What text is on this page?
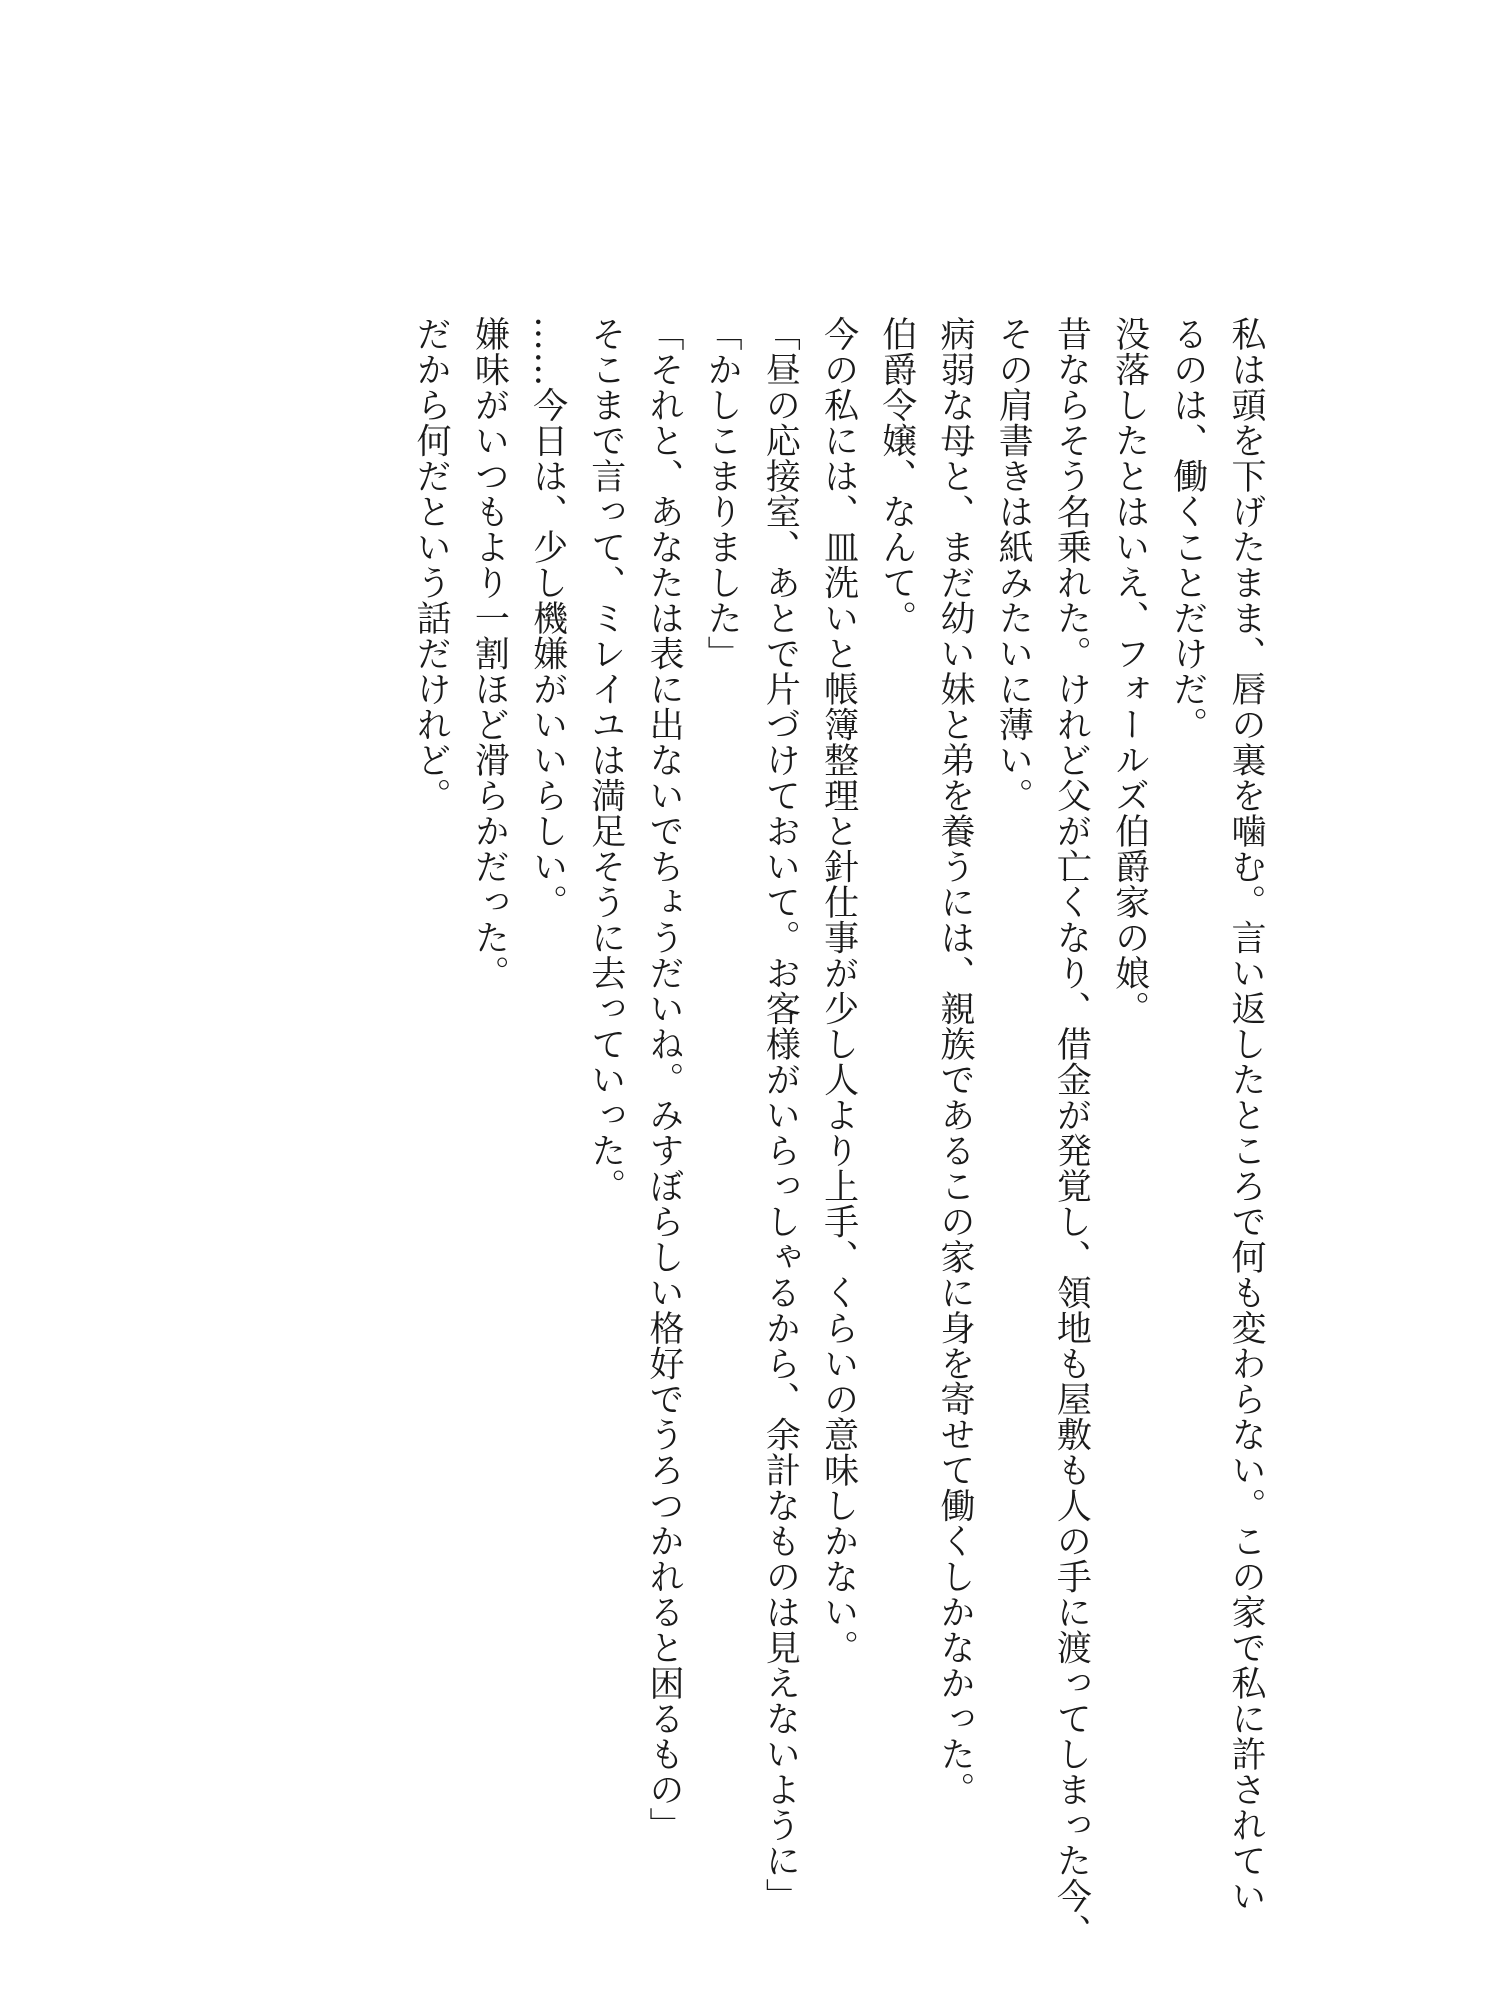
私は頭を下げたまま、唇の裏を噛む。言い返したところで何も変わらない。この家で私に許されてい

るのは、働くことだけだ。

没落したとはいえ、フォールズ伯爵家の娘。

昔ならそう名乗れた。けれど父が亡くなり、借金が発覚し、領地も屋敷も人の手に渡ってしまった今、

その肩書きは紙みたいに薄い。

病弱な母と、まだ幼い妹と弟を養うには、親族であるこの家に身を寄せて働くしかなかった。

伯爵令嬢、なんて。

今の私には、皿洗いと帳簿整理と針仕事が少し人より上手、くらいの意味しかない。

「昼の応接室、あとで片づけておいて。お客様がいらっしゃるから、余計なものは見えないように」

「かしこまりました」

「それと、あなたは表に出ないでちょうだいね。みすぼらしい格好でうろつかれると困るもの」

そこまで言って、ミレイユは満足そうに去っていった。

……今日は、少し機嫌がいいらしい。

嫌味がいつもより一割ほど滑らかだった。

だから何だという話だけれど。
